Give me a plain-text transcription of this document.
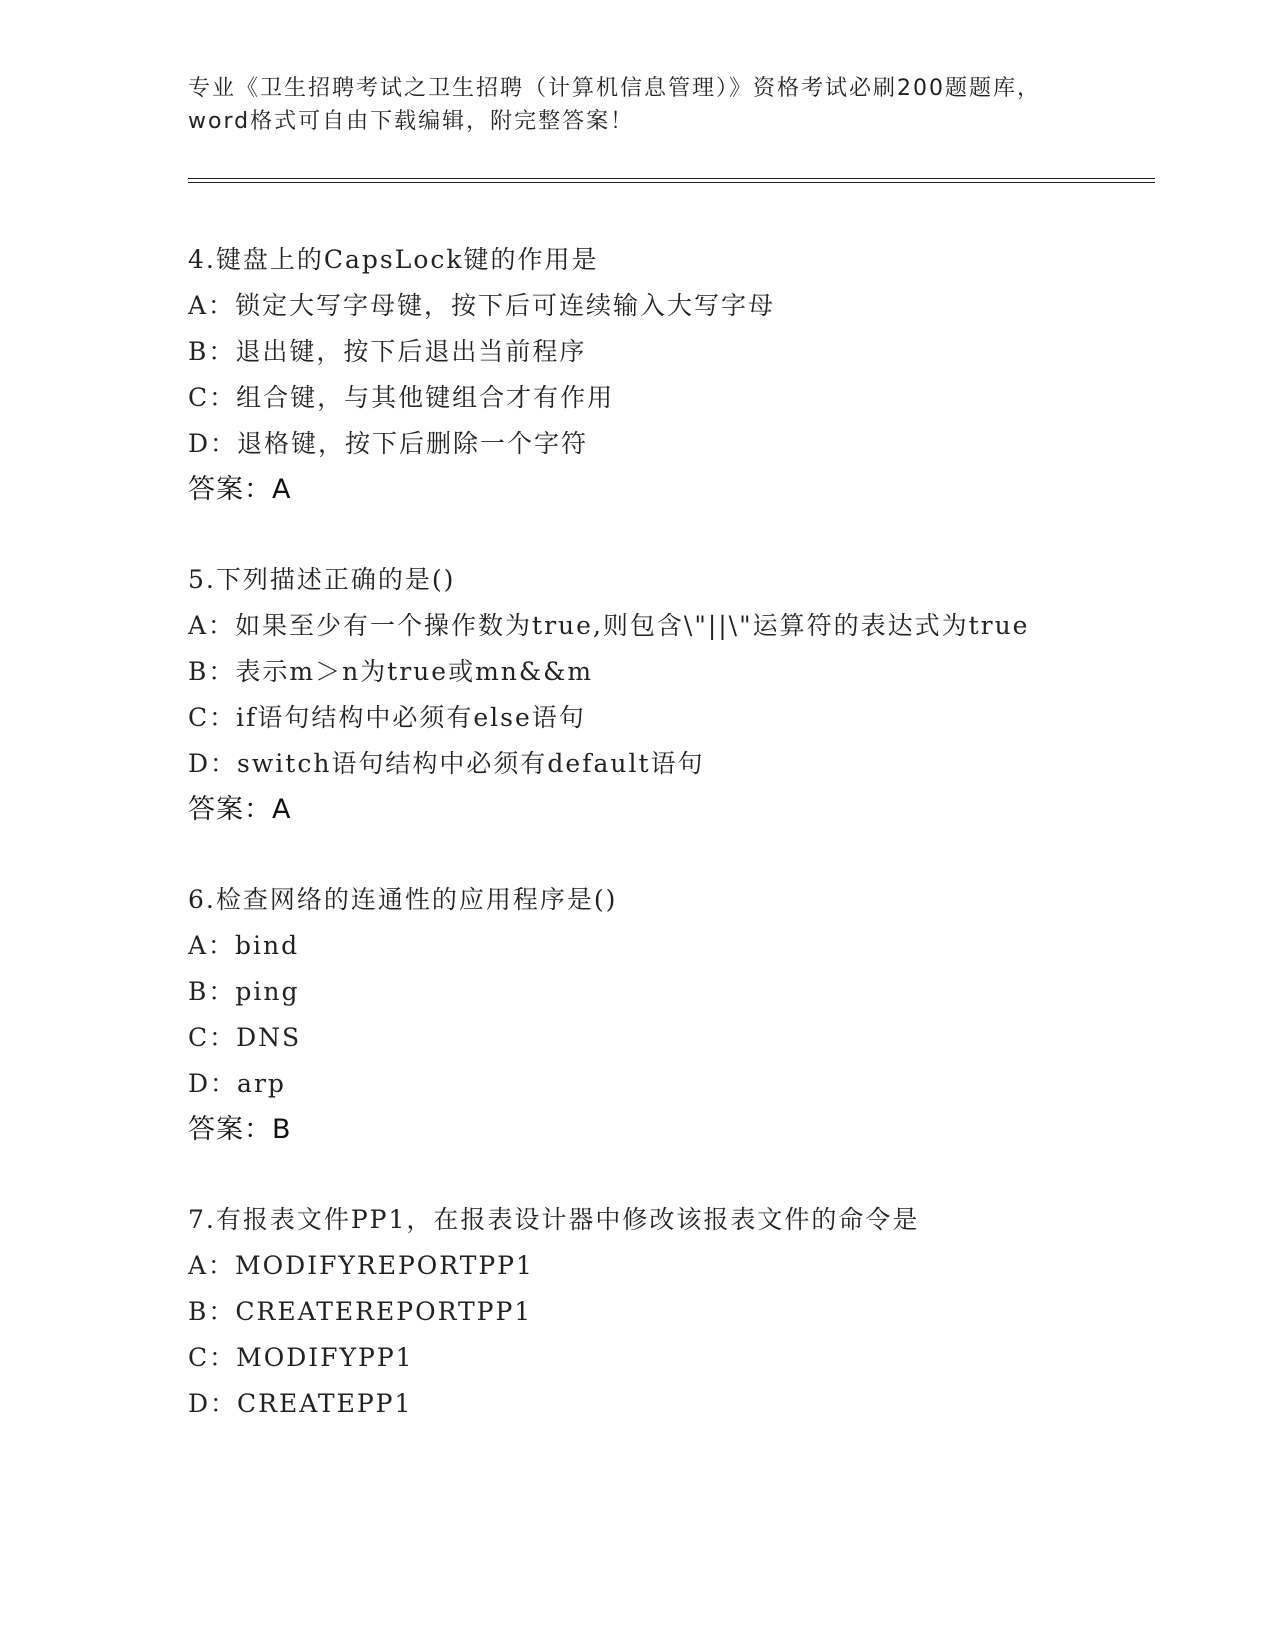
专业《卫生招聘考试之卫生招聘（计算机信息管理）》资格考试必刷200题题库，

word格式可自由下载编辑，附完整答案！

4.键盘上的CapsLock键的作用是

A：锁定大写字母键，按下后可连续输入大写字母

B：退出键，按下后退出当前程序

C：组合键，与其他键组合才有作用

D：退格键，按下后删除一个字符

答案：A

5.下列描述正确的是()

A：如果至少有一个操作数为true,则包含\"||\"运算符的表达式为true

B：表示m＞n为true或mn&&m

C：if语句结构中必须有else语句

D：switch语句结构中必须有default语句

答案：A

6.检查网络的连通性的应用程序是()

A：bind

B：ping

C：DNS

D：arp

答案：B

7.有报表文件PP1，在报表设计器中修改该报表文件的命令是

A：MODIFYREPORTPP1

B：CREATEREPORTPP1

C：MODIFYPP1

D：CREATEPP1
